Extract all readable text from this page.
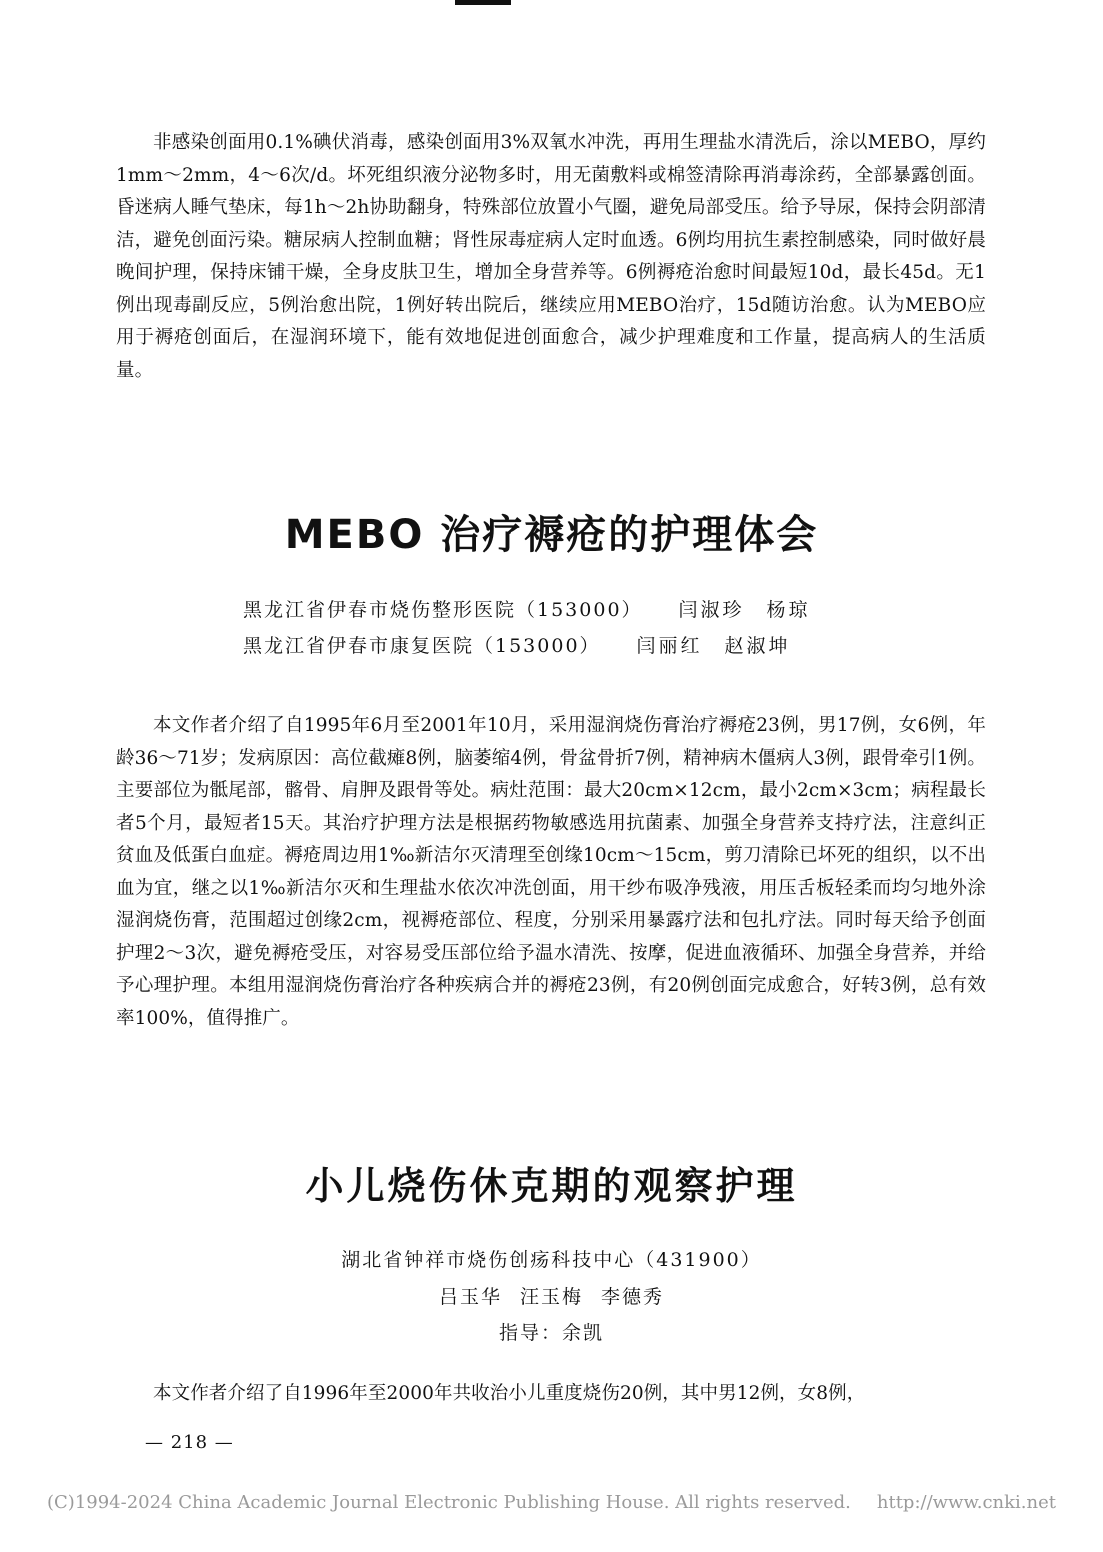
非感染创面用0.1%碘伏消毒，感染创面用3%双氧水冲洗，再用生理盐水清洗后，涂以MEBO，厚约1mm～2mm，4～6次/d。坏死组织液分泌物多时，用无菌敷料或棉签清除再消毒涂药，全部暴露创面。昏迷病人睡气垫床，每1h～2h协助翻身，特殊部位放置小气圈，避免局部受压。给予导尿，保持会阴部清洁，避免创面污染。糖尿病人控制血糖；肾性尿毒症病人定时血透。6例均用抗生素控制感染，同时做好晨晚间护理，保持床铺干燥，全身皮肤卫生，增加全身营养等。6例褥疮治愈时间最短10d，最长45d。无1例出现毒副反应，5例治愈出院，1例好转出院后，继续应用MEBO治疗，15d随访治愈。认为MEBO应用于褥疮创面后，在湿润环境下，能有效地促进创面愈合，减少护理难度和工作量，提高病人的生活质量。

MEBO 治疗褥疮的护理体会

黑龙江省伊春市烧伤整形医院（153000） 闫淑珍　杨琼

黑龙江省伊春市康复医院（153000） 闫丽红　赵淑坤

本文作者介绍了自1995年6月至2001年10月，采用湿润烧伤膏治疗褥疮23例，男17例，女6例，年龄36～71岁；发病原因：高位截瘫8例，脑萎缩4例，骨盆骨折7例，精神病木僵病人3例，跟骨牵引1例。主要部位为骶尾部，髂骨、肩胛及跟骨等处。病灶范围：最大20cm×12cm，最小2cm×3cm；病程最长者5个月，最短者15天。其治疗护理方法是根据药物敏感选用抗菌素、加强全身营养支持疗法，注意纠正贫血及低蛋白血症。褥疮周边用1‰新洁尔灭清理至创缘10cm～15cm，剪刀清除已坏死的组织，以不出血为宜，继之以1‰新洁尔灭和生理盐水依次冲洗创面，用干纱布吸净残液，用压舌板轻柔而均匀地外涂湿润烧伤膏，范围超过创缘2cm，视褥疮部位、程度，分别采用暴露疗法和包扎疗法。同时每天给予创面护理2～3次，避免褥疮受压，对容易受压部位给予温水清洗、按摩，促进血液循环、加强全身营养，并给予心理护理。本组用湿润烧伤膏治疗各种疾病合并的褥疮23例，有20例创面完成愈合，好转3例，总有效率100%，值得推广。

小儿烧伤休克期的观察护理

湖北省钟祥市烧伤创疡科技中心（431900）

吕玉华 汪玉梅 李德秀

指导：余凯

本文作者介绍了自1996年至2000年共收治小儿重度烧伤20例，其中男12例，女8例，

— 218 —
(C)1994-2024 China Academic Journal Electronic Publishing House. All rights reserved. http://www.cnki.net
